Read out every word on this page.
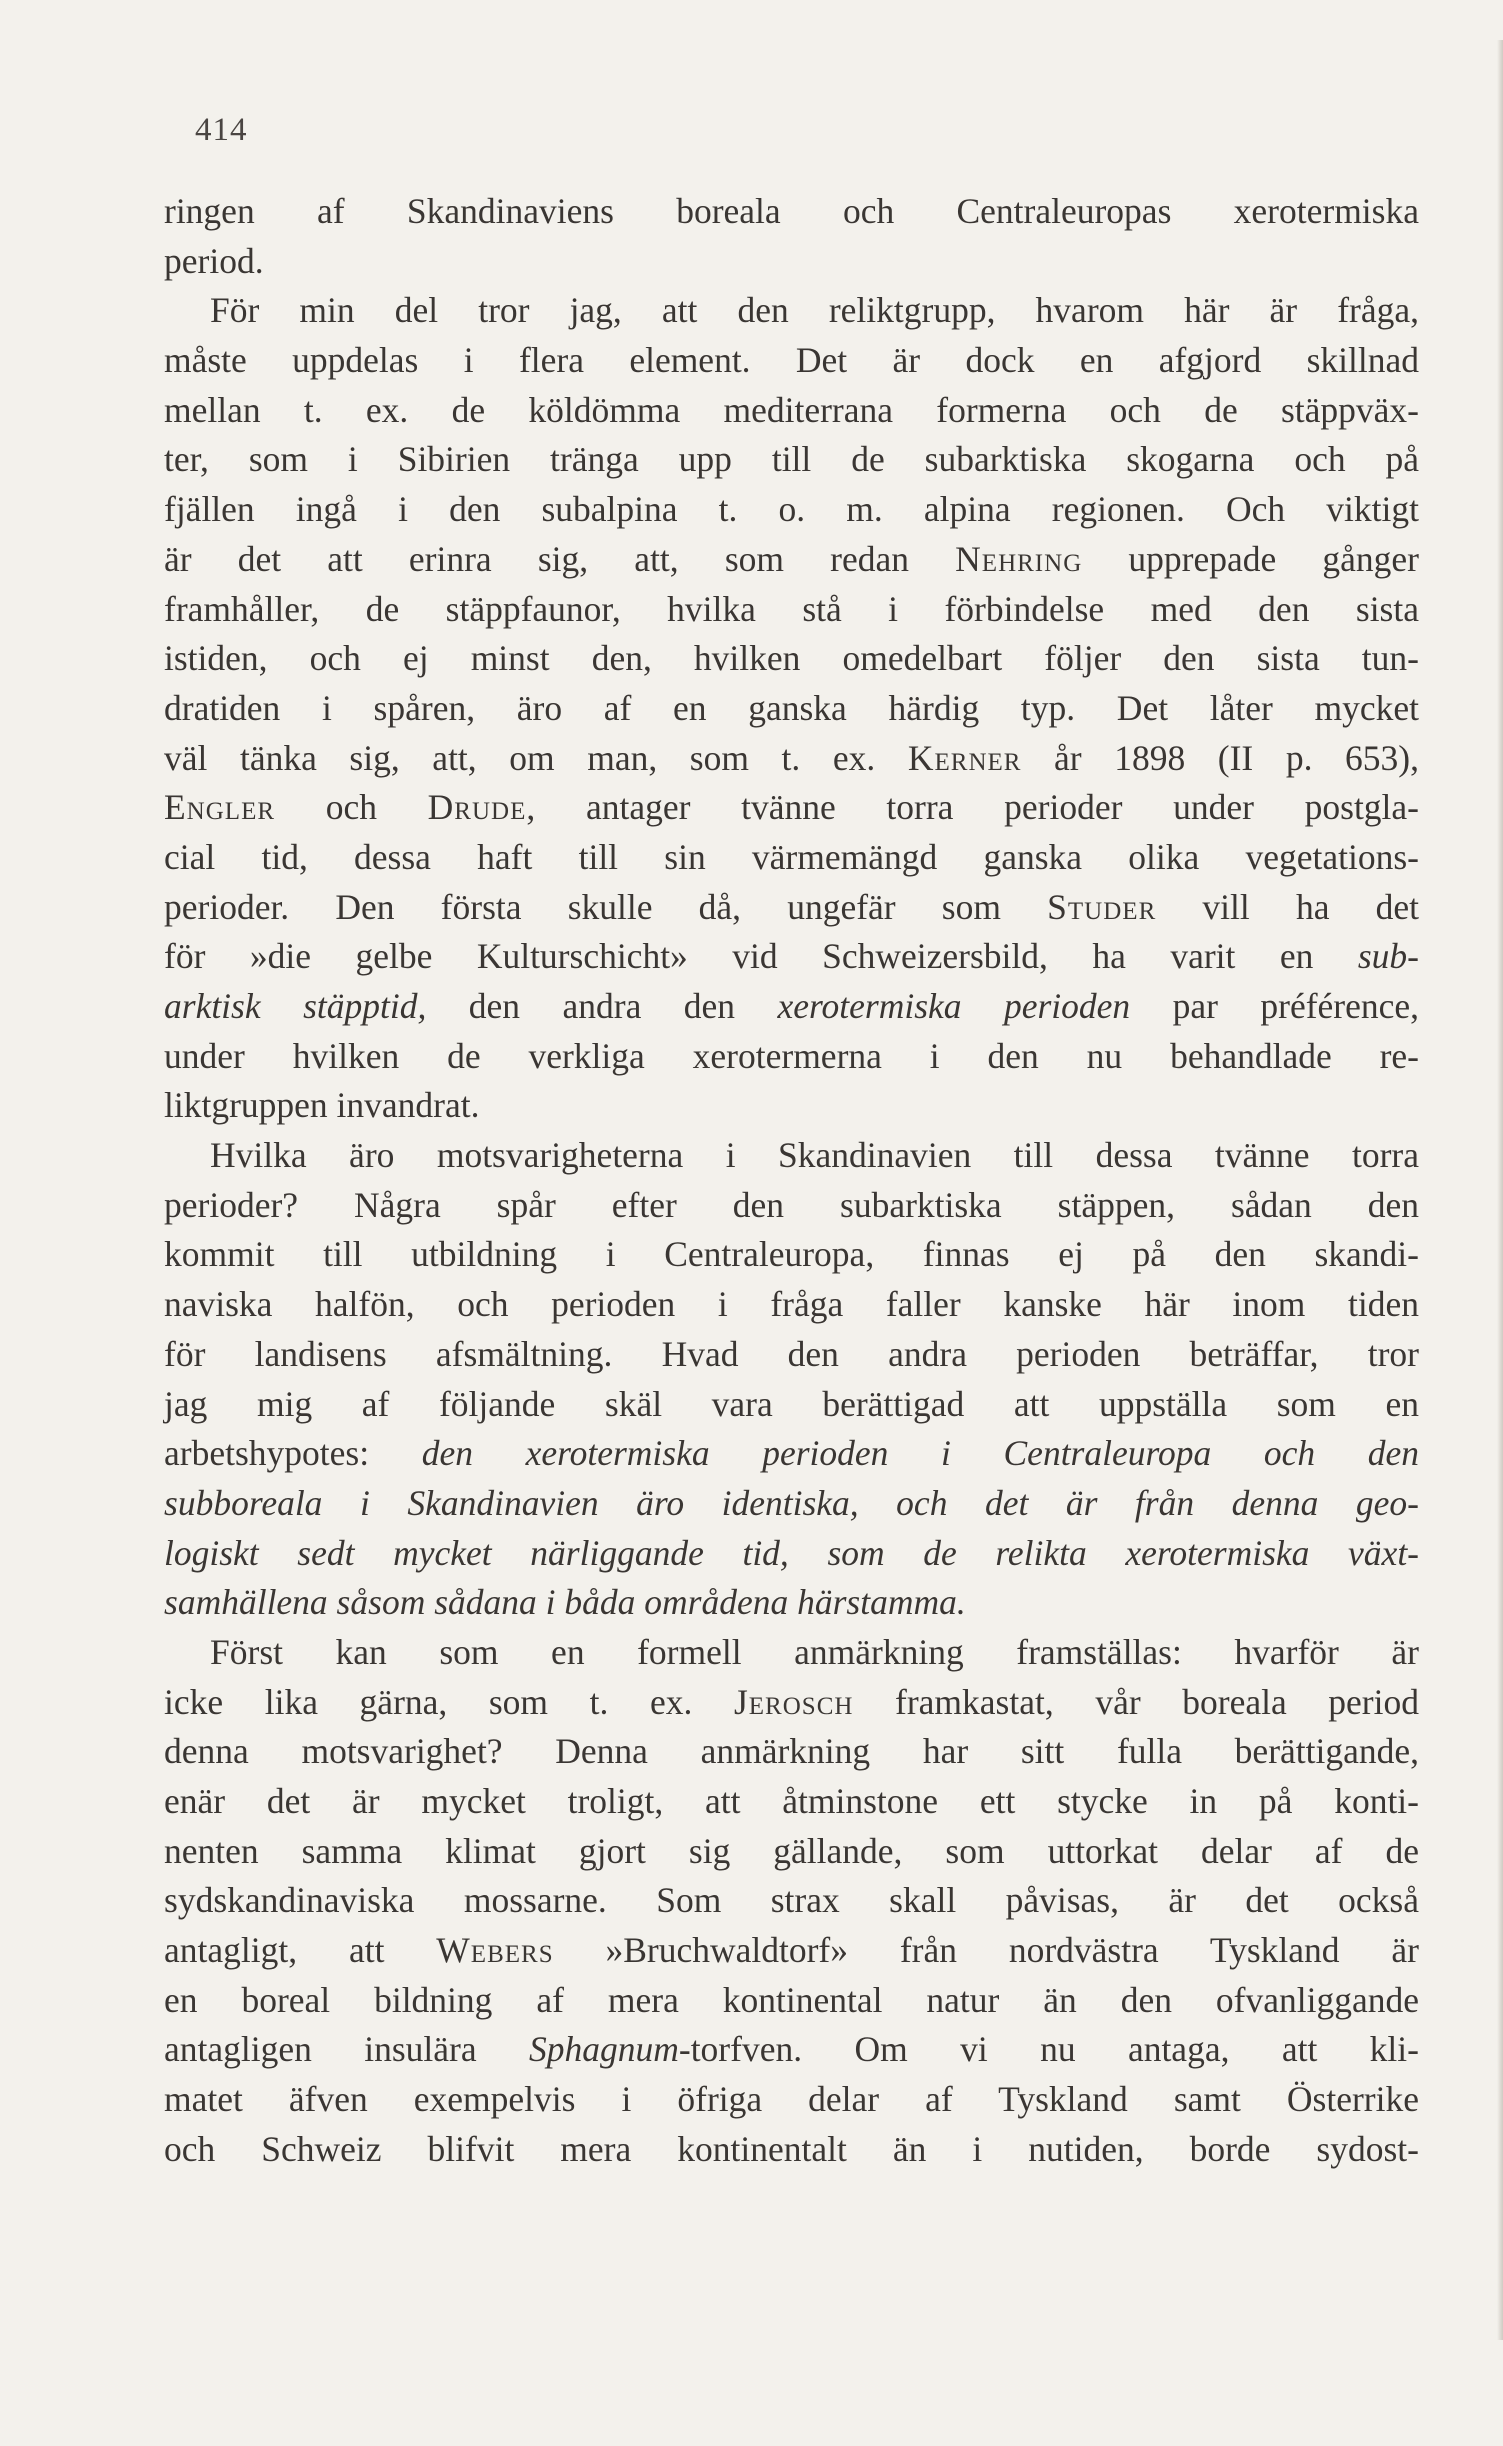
414
ringen af Skandinaviens boreala och Centraleuropas xerotermiska
period.
För min del tror jag, att den reliktgrupp, hvarom här är fråga,
måste uppdelas i flera element. Det är dock en afgjord skillnad
mellan t. ex. de köldömma mediterrana formerna och de stäppväx-
ter, som i Sibirien tränga upp till de subarktiska skogarna och på
fjällen ingå i den subalpina t. o. m. alpina regionen. Och viktigt
är det att erinra sig, att, som redan Nehring upprepade gånger
framhåller, de stäppfaunor, hvilka stå i förbindelse med den sista
istiden, och ej minst den, hvilken omedelbart följer den sista tun-
dratiden i spåren, äro af en ganska härdig typ. Det låter mycket
väl tänka sig, att, om man, som t. ex. Kerner år 1898 (II p. 653),
Engler och Drude, antager tvänne torra perioder under postgla-
cial tid, dessa haft till sin värmemängd ganska olika vegetations-
perioder. Den första skulle då, ungefär som Studer vill ha det
för »die gelbe Kulturschicht» vid Schweizersbild, ha varit en sub-
arktisk stäpptid, den andra den xerotermiska perioden par préférence,
under hvilken de verkliga xerotermerna i den nu behandlade re-
liktgruppen invandrat.
Hvilka äro motsvarigheterna i Skandinavien till dessa tvänne torra
perioder? Några spår efter den subarktiska stäppen, sådan den
kommit till utbildning i Centraleuropa, finnas ej på den skandi-
naviska halfön, och perioden i fråga faller kanske här inom tiden
för landisens afsmältning. Hvad den andra perioden beträffar, tror
jag mig af följande skäl vara berättigad att uppställa som en
arbetshypotes: den xerotermiska perioden i Centraleuropa och den
subboreala i Skandinavien äro identiska, och det är från denna geo-
logiskt sedt mycket närliggande tid, som de relikta xerotermiska växt-
samhällena såsom sådana i båda områdena härstamma.
Först kan som en formell anmärkning framställas: hvarför är
icke lika gärna, som t. ex. Jerosch framkastat, vår boreala period
denna motsvarighet? Denna anmärkning har sitt fulla berättigande,
enär det är mycket troligt, att åtminstone ett stycke in på konti-
nenten samma klimat gjort sig gällande, som uttorkat delar af de
sydskandinaviska mossarne. Som strax skall påvisas, är det också
antagligt, att Webers »Bruchwaldtorf» från nordvästra Tyskland är
en boreal bildning af mera kontinental natur än den ofvanliggande
antagligen insulära Sphagnum-torfven. Om vi nu antaga, att kli-
matet äfven exempelvis i öfriga delar af Tyskland samt Österrike
och Schweiz blifvit mera kontinentalt än i nutiden, borde sydost-
